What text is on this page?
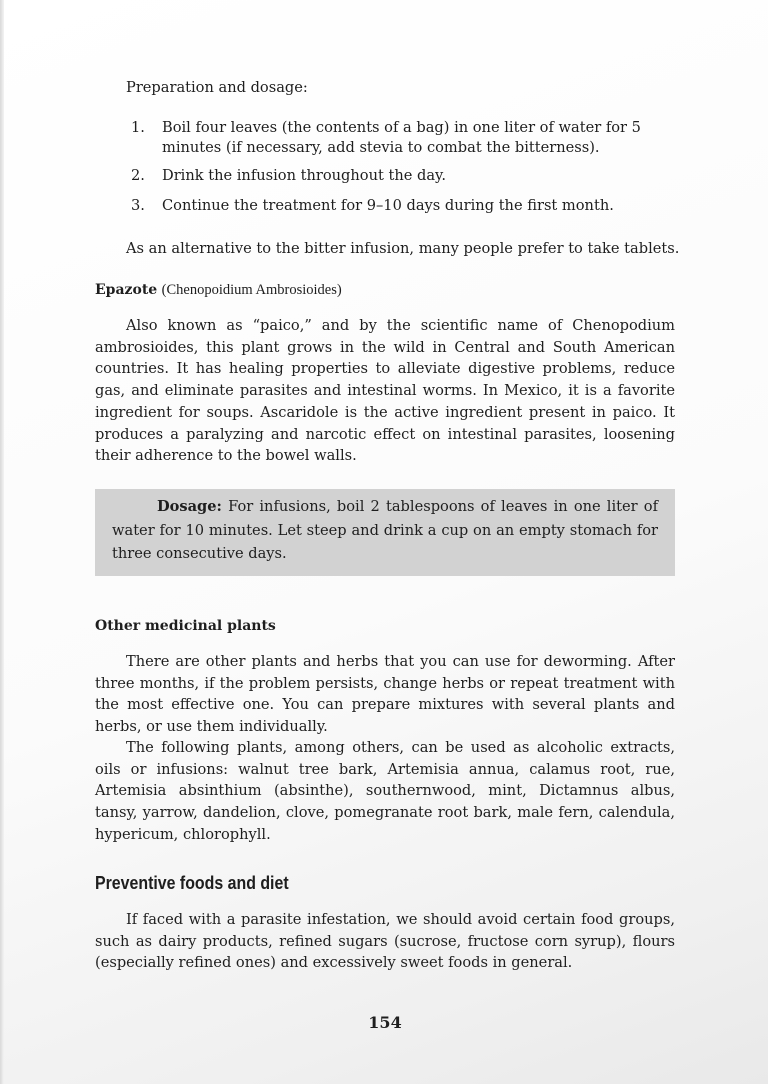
Preparation and dosage:

1. Boil four leaves (the contents of a bag) in one liter of water for 5 minutes (if necessary, add stevia to combat the bitterness).
2. Drink the infusion throughout the day.
3. Continue the treatment for 9–10 days during the first month.

As an alternative to the bitter infusion, many people prefer to take tablets.

Epazote (Chenopoidium Ambrosioides)

Also known as “paico,” and by the scientific name of Chenopodium ambrosioides, this plant grows in the wild in Central and South American countries. It has healing properties to alleviate digestive problems, reduce gas, and eliminate parasites and intestinal worms. In Mexico, it is a favorite ingredient for soups. Ascaridole is the active ingredient present in paico. It produces a paralyzing and narcotic effect on intestinal parasites, loosening their adherence to the bowel walls.

Dosage: For infusions, boil 2 tablespoons of leaves in one liter of water for 10 minutes. Let steep and drink a cup on an empty stomach for three consecutive days.

Other medicinal plants

There are other plants and herbs that you can use for deworming. After three months, if the problem persists, change herbs or repeat treatment with the most effective one. You can prepare mixtures with several plants and herbs, or use them individually.

The following plants, among others, can be used as alcoholic extracts, oils or infusions: walnut tree bark, Artemisia annua, calamus root, rue, Artemisia absinthium (absinthe), southernwood, mint, Dictamnus albus, tansy, yarrow, dandelion, clove, pomegranate root bark, male fern, calendula, hypericum, chlorophyll.

Preventive foods and diet

If faced with a parasite infestation, we should avoid certain food groups, such as dairy products, refined sugars (sucrose, fructose corn syrup), flours (especially refined ones) and excessively sweet foods in general.

154
